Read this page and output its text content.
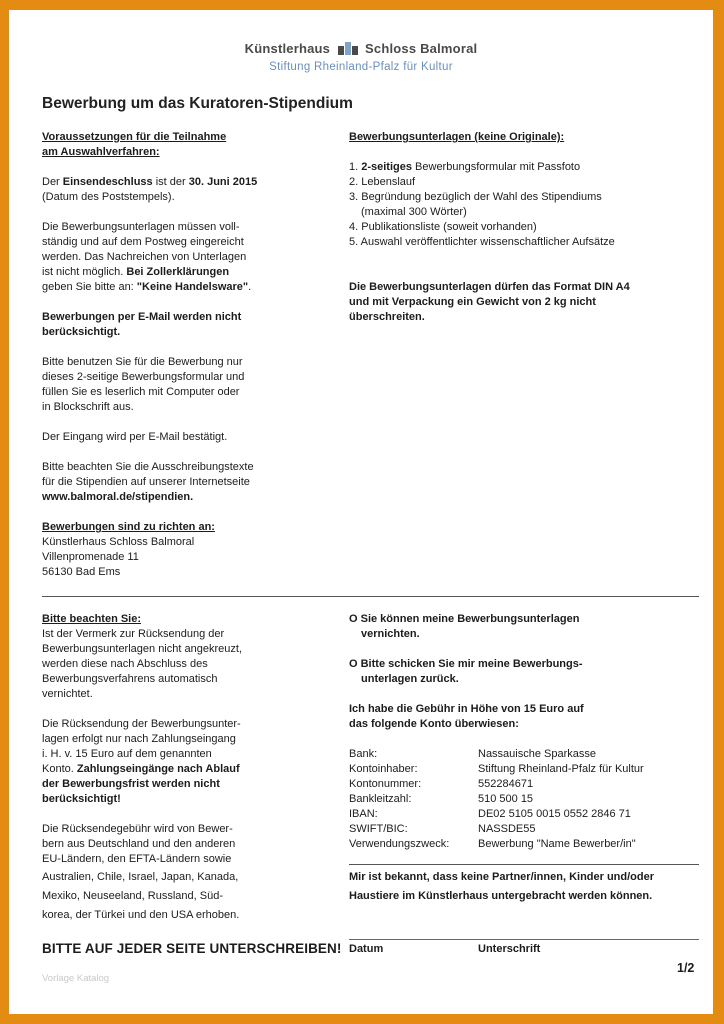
Künstlerhaus	Schloss Balmoral
Stiftung Rheinland-Pfalz für Kultur
Bewerbung um das Kuratoren-Stipendium

Voraussetzungen für die Teilnahme

am Auswahlverfahren:

Der Einsendeschluss ist der 30. Juni 2015

(Datum des Poststempels).

Die Bewerbungsunterlagen müssen voll-

ständig und auf dem Postweg eingereicht

werden. Das Nachreichen von Unterlagen

ist nicht möglich. Bei Zollerklärungen

geben Sie bitte an: "Keine Handelsware".

Bewerbungen per E-Mail werden nicht

berücksichtigt.

Bitte benutzen Sie für die Bewerbung nur

dieses 2-seitige Bewerbungsformular und

füllen Sie es leserlich mit Computer oder

in Blockschrift aus.

Der Eingang wird per E-Mail bestätigt.

Bitte beachten Sie die Ausschreibungstexte

für die Stipendien auf unserer Internetseite

www.balmoral.de/stipendien.

Bewerbungen sind zu richten an:

Künstlerhaus Schloss Balmoral

Villenpromenade 11

56130 Bad Ems

Bewerbungsunterlagen (keine Originale):

1. 2-seitiges Bewerbungsformular mit Passfoto

2. Lebenslauf

3. Begründung bezüglich der Wahl des Stipendiums

(maximal 300 Wörter)

4. Publikationsliste (soweit vorhanden)

5. Auswahl veröffentlichter wissenschaftlicher Aufsätze

Die Bewerbungsunterlagen dürfen das Format DIN A4

und mit Verpackung ein Gewicht von 2 kg nicht

überschreiten.

Bitte beachten Sie:

Ist der Vermerk zur Rücksendung der

Bewerbungsunterlagen nicht angekreuzt,

werden diese nach Abschluss des

Bewerbungsverfahrens automatisch

vernichtet.

Die Rücksendung der Bewerbungsunter-

lagen erfolgt nur nach Zahlungseingang

i. H. v. 15 Euro auf dem genannten

Konto. Zahlungseingänge nach Ablauf

der Bewerbungsfrist werden nicht

berücksichtigt!

Die Rücksendegebühr wird von Bewer-

bern aus Deutschland und den anderen

EU-Ländern, den EFTA-Ländern sowie

Australien, Chile, Israel, Japan, Kanada,

Mexiko, Neuseeland, Russland, Süd-

korea, der Türkei und den USA erhoben.

BITTE AUF JEDER SEITE UNTERSCHREIBEN!

O Sie können meine Bewerbungsunterlagen

vernichten.

O Bitte schicken Sie mir meine Bewerbungs-

unterlagen zurück.

Ich habe die Gebühr in Höhe von 15 Euro auf

das folgende Konto überwiesen:

Bank:	Nassauische Sparkasse
Kontoinhaber:	Stiftung Rheinland-Pfalz für Kultur
Kontonummer:	552284671
Bankleitzahl:	510 500 15
IBAN:	DE02 5105 0015 0552 2846 71
SWIFT/BIC:	NASSDE55
Verwendungszweck:	Bewerbung "Name Bewerber/in"

Mir ist bekannt, dass keine Partner/innen, Kinder und/oder

Haustiere im Künstlerhaus untergebracht werden können.

Datum	Unterschrift
1/2
Vorlage Katalog
